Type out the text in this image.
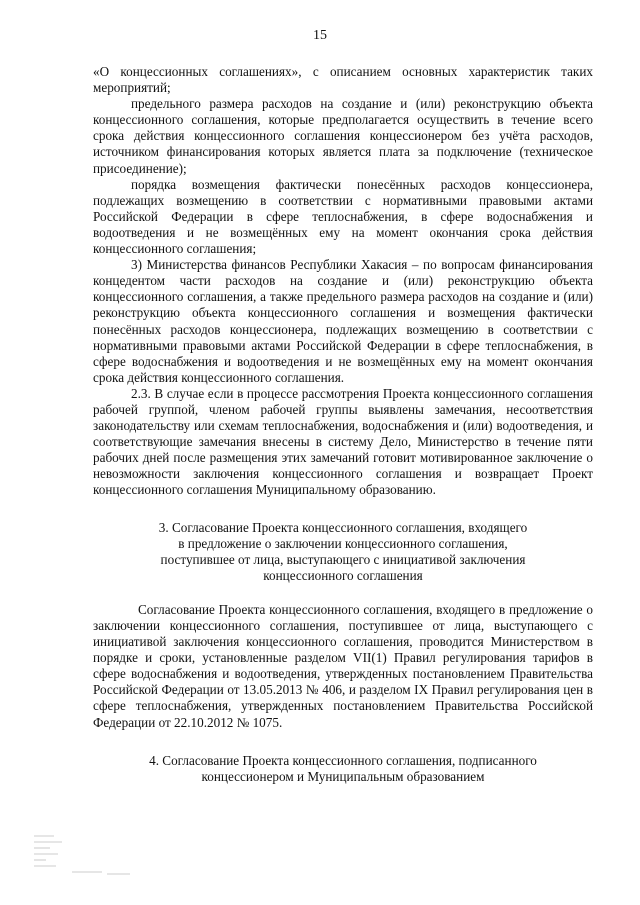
15

«О концессионных соглашениях», с описанием основных характеристик таких мероприятий;

предельного размера расходов на создание и (или) реконструкцию объекта концессионного соглашения, которые предполагается осуществить в течение всего срока действия концессионного соглашения концессионером без учёта расходов, источником финансирования которых является плата за подключение (техническое присоединение);

порядка возмещения фактически понесённых расходов концессионера, подлежащих возмещению в соответствии с нормативными правовыми актами Российской Федерации в сфере теплоснабжения, в сфере водоснабжения и водоотведения и не возмещённых ему на момент окончания срока действия концессионного соглашения;

3) Министерства финансов Республики Хакасия – по вопросам финансирования концедентом части расходов на создание и (или) реконструкцию объекта концессионного соглашения, а также предельного размера расходов на создание и (или) реконструкцию объекта концессионного соглашения и возмещения фактически понесённых расходов концессионера, подлежащих возмещению в соответствии с нормативными правовыми актами Российской Федерации в сфере теплоснабжения, в сфере водоснабжения и водоотведения и не возмещённых ему на момент окончания срока действия концессионного соглашения.

2.3. В случае если в процессе рассмотрения Проекта концессионного соглашения рабочей группой, членом рабочей группы выявлены замечания, несоответствия законодательству или схемам теплоснабжения, водоснабжения и (или) водоотведения, и соответствующие замечания внесены в систему Дело, Министерство в течение пяти рабочих дней после размещения этих замечаний готовит мотивированное заключение о невозможности заключения концессионного соглашения и возвращает Проект концессионного соглашения Муниципальному образованию.

3. Согласование Проекта концессионного соглашения, входящего
в предложение о заключении концессионного соглашения,
поступившее от лица, выступающего с инициативой заключения
концессионного соглашения

Согласование Проекта концессионного соглашения, входящего в предложение о заключении концессионного соглашения, поступившее от лица, выступающего с инициативой заключения концессионного соглашения, проводится Министерством в порядке и сроки, установленные разделом VII(1) Правил регулирования тарифов в сфере водоснабжения и водоотведения, утвержденных постановлением Правительства Российской Федерации от 13.05.2013 № 406, и разделом IX Правил регулирования цен в сфере теплоснабжения, утвержденных постановлением Правительства Российской Федерации от 22.10.2012 № 1075.

4. Согласование Проекта концессионного соглашения, подписанного
концессионером и Муниципальным образованием
